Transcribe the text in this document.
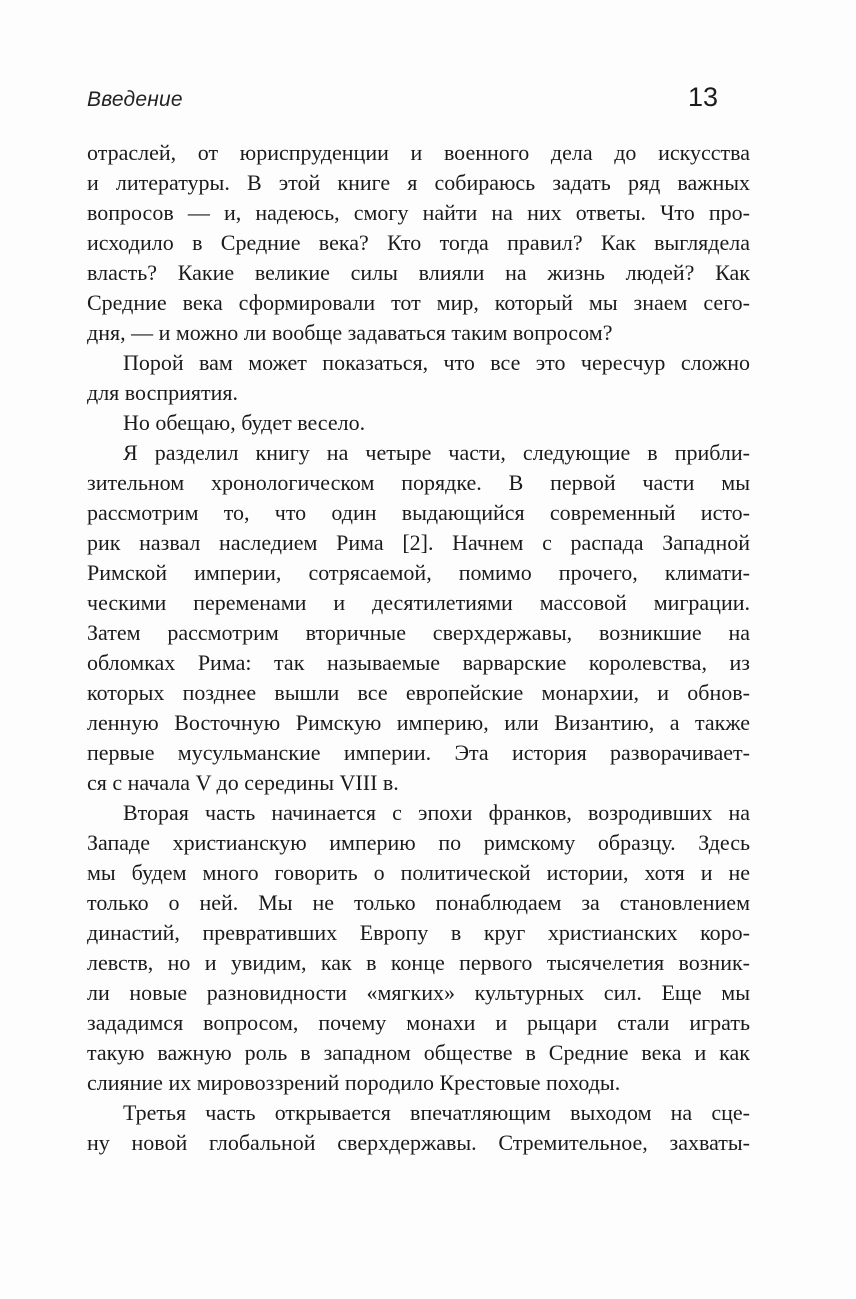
Введение	13
отраслей, от юриспруденции и военного дела до искусства
и литературы. В этой книге я собираюсь задать ряд важных
вопросов — и, надеюсь, смогу найти на них ответы. Что про-
исходило в Средние века? Кто тогда правил? Как выглядела
власть? Какие великие силы влияли на жизнь людей? Как
Средние века сформировали тот мир, который мы знаем сего-
дня, — и можно ли вообще задаваться таким вопросом?
Порой вам может показаться, что все это чересчур сложно
для восприятия.
Но обещаю, будет весело.
Я разделил книгу на четыре части, следующие в прибли-
зительном хронологическом порядке. В первой части мы
рассмотрим то, что один выдающийся современный исто-
рик назвал наследием Рима [2]. Начнем с распада Западной
Римской империи, сотрясаемой, помимо прочего, климати-
ческими переменами и десятилетиями массовой миграции.
Затем рассмотрим вторичные сверхдержавы, возникшие на
обломках Рима: так называемые варварские королевства, из
которых позднее вышли все европейские монархии, и обнов-
ленную Восточную Римскую империю, или Византию, а также
первые мусульманские империи. Эта история разворачивает-
ся с начала V до середины VIII в.
Вторая часть начинается с эпохи франков, возродивших на
Западе христианскую империю по римскому образцу. Здесь
мы будем много говорить о политической истории, хотя и не
только о ней. Мы не только понаблюдаем за становлением
династий, превративших Европу в круг христианских коро-
левств, но и увидим, как в конце первого тысячелетия возник-
ли новые разновидности «мягких» культурных сил. Еще мы
зададимся вопросом, почему монахи и рыцари стали играть
такую важную роль в западном обществе в Средние века и как
слияние их мировоззрений породило Крестовые походы.
Третья часть открывается впечатляющим выходом на сце-
ну новой глобальной сверхдержавы. Стремительное, захваты-
